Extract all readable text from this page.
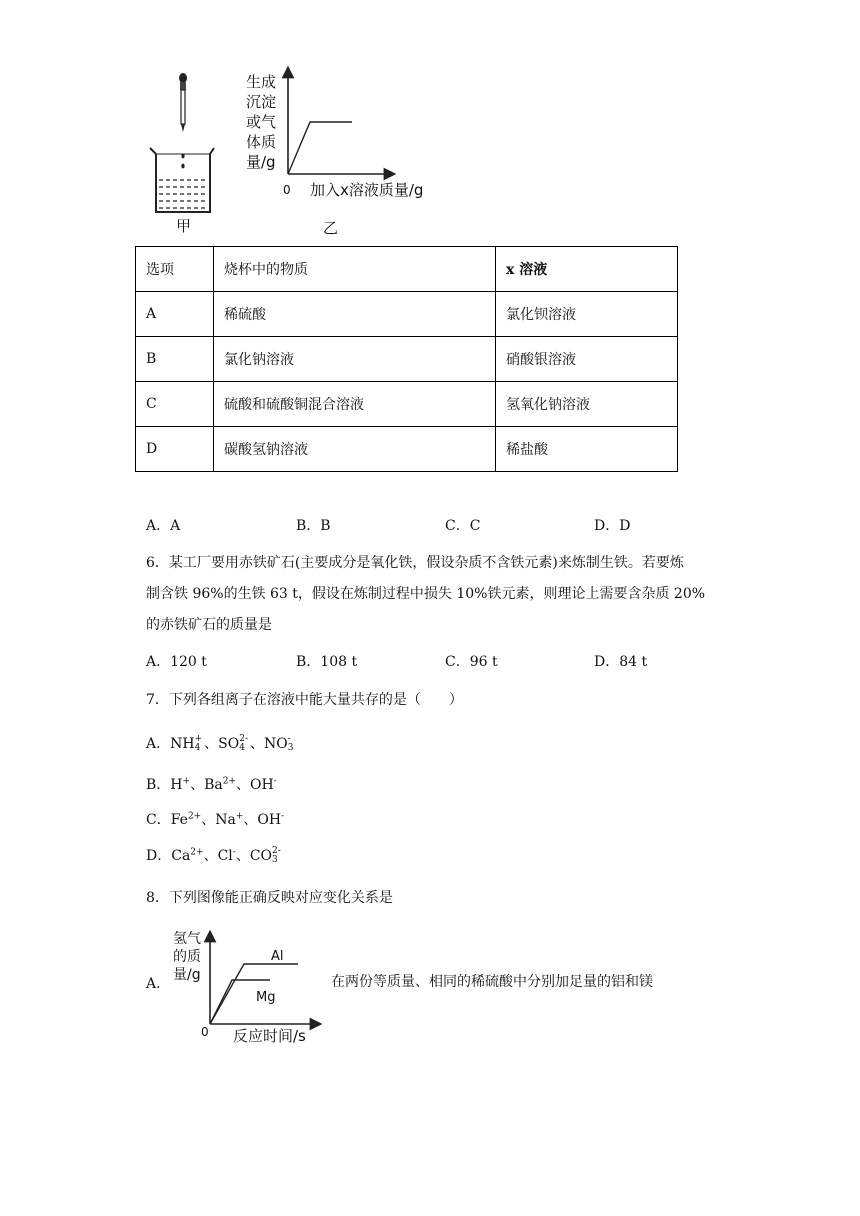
甲
生成
沉淀
或气
体质
量/g
0 加入x溶液质量/g
乙
选项	烧杯中的物质	x 溶液
A	稀硫酸	氯化钡溶液
B	氯化钠溶液	硝酸银溶液
C	硫酸和硫酸铜混合溶液	氢氧化钠溶液
D	碳酸氢钠溶液	稀盐酸
A．A	B．B	C．C	D．D
6．某工厂要用赤铁矿石(主要成分是氧化铁，假设杂质不含铁元素)来炼制生铁。若要炼
制含铁 96%的生铁 63 t，假设在炼制过程中损失 10%铁元素，则理论上需要含杂质 20%
的赤铁矿石的质量是
A．120 t	B．108 t	C．96 t	D．84 t
7．下列各组离子在溶液中能大量共存的是（　　）
A．NH +
4 、SO 2-
4 、NO -
3
B．H+、$Ba^{2+}$、OH-
C．$Fe^{2+}$、Na+、OH-
D．$Ca^{2+}$、Cl-、CO 2-
3
8．下列图像能正确反映对应变化关系是
A．
氢气
的质
量/g
Al
Mg
0 反应时间/s
在两份等质量、相同的稀硫酸中分别加足量的铝和镁
